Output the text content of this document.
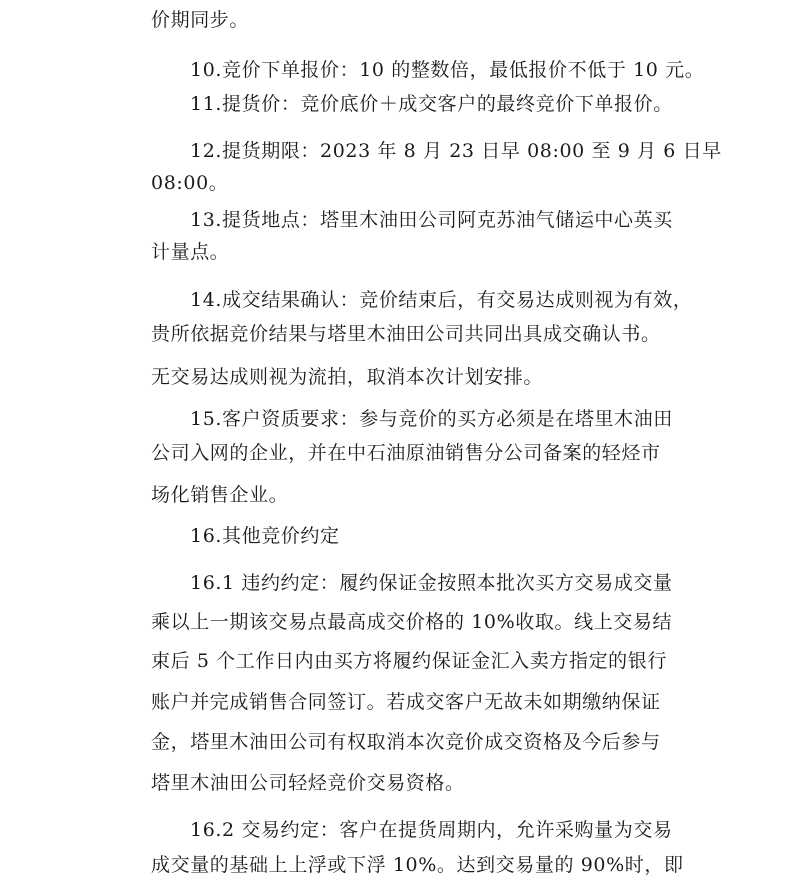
价期同步。
10.竞价下单报价：10 的整数倍，最低报价不低于 10 元。
11.提货价：竞价底价＋成交客户的最终竞价下单报价。
12.提货期限：2023 年 8 月 23 日早 08:00 至 9 月 6 日早
08:00。
13.提货地点：塔里木油田公司阿克苏油气储运中心英买
计量点。
14.成交结果确认：竞价结束后，有交易达成则视为有效，
贵所依据竞价结果与塔里木油田公司共同出具成交确认书。
无交易达成则视为流拍，取消本次计划安排。
15.客户资质要求：参与竞价的买方必须是在塔里木油田
公司入网的企业，并在中石油原油销售分公司备案的轻烃市
场化销售企业。
16.其他竞价约定
16.1 违约约定：履约保证金按照本批次买方交易成交量
乘以上一期该交易点最高成交价格的 10%收取。线上交易结
束后 5 个工作日内由买方将履约保证金汇入卖方指定的银行
账户并完成销售合同签订。若成交客户无故未如期缴纳保证
金，塔里木油田公司有权取消本次竞价成交资格及今后参与
塔里木油田公司轻烃竞价交易资格。
16.2 交易约定：客户在提货周期内，允许采购量为交易
成交量的基础上上浮或下浮 10%。达到交易量的 90%时，即
